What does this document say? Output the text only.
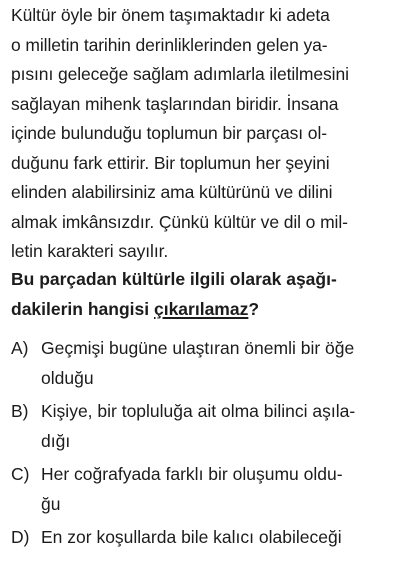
Kültür öyle bir önem taşımaktadır ki adeta
o milletin tarihin derinliklerinden gelen ya-
pısını geleceğe sağlam adımlarla iletilmesini
sağlayan mihenk taşlarından biridir. İnsana
içinde bulunduğu toplumun bir parçası ol-
duğunu fark ettirir. Bir toplumun her şeyini
elinden alabilirsiniz ama kültürünü ve dilini
almak imkânsızdır. Çünkü kültür ve dil o mil-
letin karakteri sayılır.
Bu parçadan kültürle ilgili olarak aşağı-
dakilerin hangisi çıkarılamaz?
A) Geçmişi bugüne ulaştıran önemli bir öğe
olduğu
B) Kişiye, bir topluluğa ait olma bilinci aşıla-
dığı
C) Her coğrafyada farklı bir oluşumu oldu-
ğu
D) En zor koşullarda bile kalıcı olabileceği
